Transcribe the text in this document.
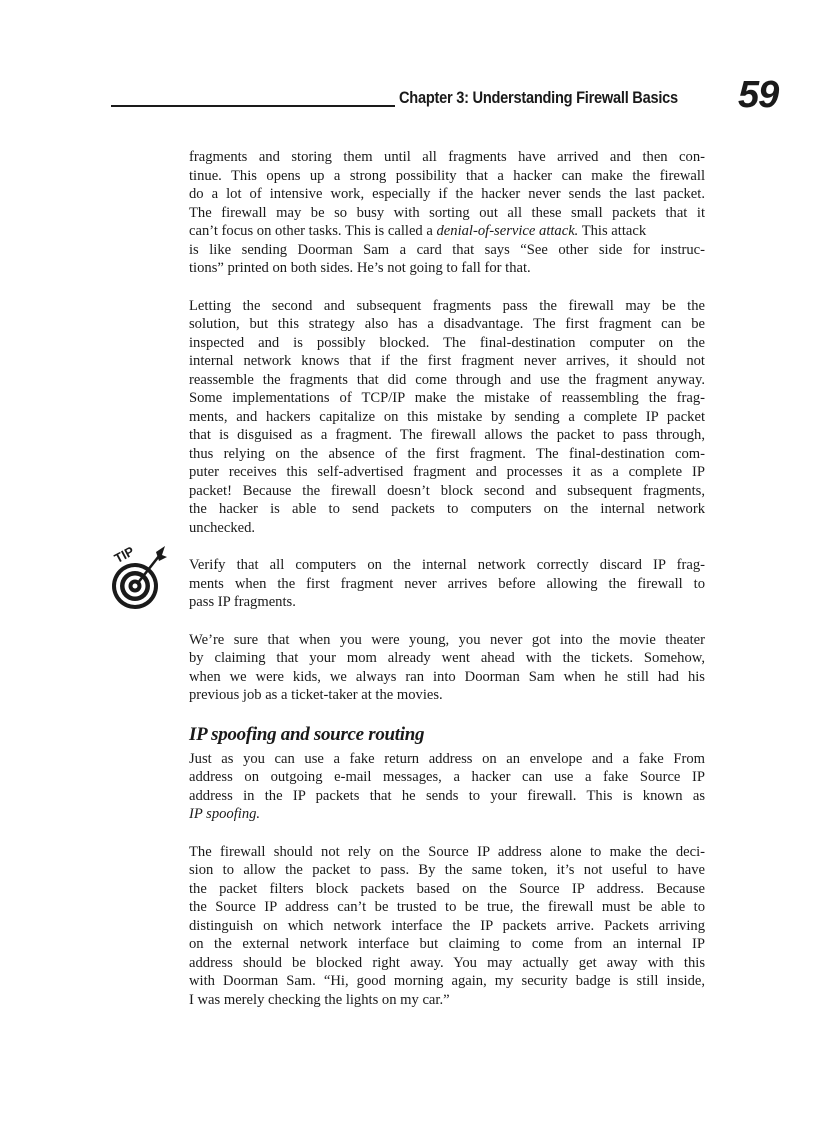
Chapter 3: Understanding Firewall Basics 59
TIP

fragments and storing them until all fragments have arrived and then con-
tinue. This opens up a strong possibility that a hacker can make the firewall
do a lot of intensive work, especially if the hacker never sends the last packet.
The firewall may be so busy with sorting out all these small packets that it
can’t focus on other tasks. This is called a denial-of-service attack. This attack
is like sending Doorman Sam a card that says “See other side for instruc-
tions” printed on both sides. He’s not going to fall for that.

Letting the second and subsequent fragments pass the firewall may be the
solution, but this strategy also has a disadvantage. The first fragment can be
inspected and is possibly blocked. The final-destination computer on the
internal network knows that if the first fragment never arrives, it should not
reassemble the fragments that did come through and use the fragment anyway.
Some implementations of TCP/IP make the mistake of reassembling the frag-
ments, and hackers capitalize on this mistake by sending a complete IP packet
that is disguised as a fragment. The firewall allows the packet to pass through,
thus relying on the absence of the first fragment. The final-destination com-
puter receives this self-advertised fragment and processes it as a complete IP
packet! Because the firewall doesn’t block second and subsequent fragments,
the hacker is able to send packets to computers on the internal network
unchecked.

Verify that all computers on the internal network correctly discard IP frag-
ments when the first fragment never arrives before allowing the firewall to
pass IP fragments.

We’re sure that when you were young, you never got into the movie theater
by claiming that your mom already went ahead with the tickets. Somehow,
when we were kids, we always ran into Doorman Sam when he still had his
previous job as a ticket-taker at the movies.

IP spoofing and source routing

Just as you can use a fake return address on an envelope and a fake From
address on outgoing e-mail messages, a hacker can use a fake Source IP
address in the IP packets that he sends to your firewall. This is known as
IP spoofing.

The firewall should not rely on the Source IP address alone to make the deci-
sion to allow the packet to pass. By the same token, it’s not useful to have
the packet filters block packets based on the Source IP address. Because
the Source IP address can’t be trusted to be true, the firewall must be able to
distinguish on which network interface the IP packets arrive. Packets arriving
on the external network interface but claiming to come from an internal IP
address should be blocked right away. You may actually get away with this
with Doorman Sam. “Hi, good morning again, my security badge is still inside,
I was merely checking the lights on my car.”
